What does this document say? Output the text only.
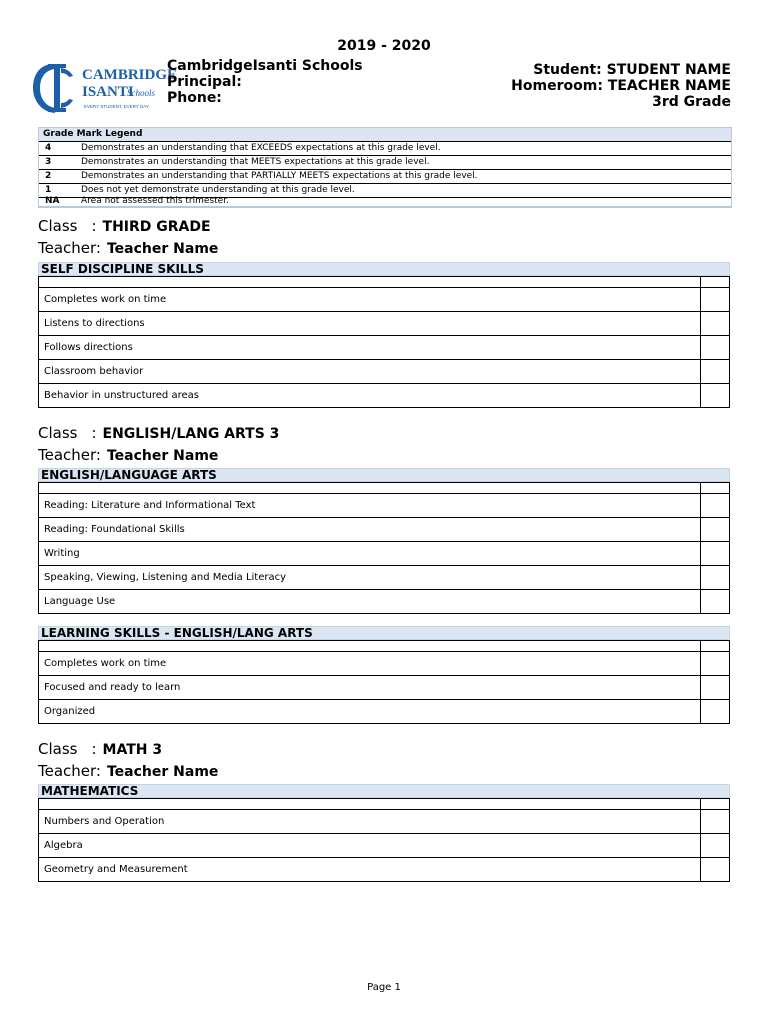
2019 - 2020
CAMBRIDGE
ISANTI
Schools
EVERY STUDENT, EVERY DAY
CambridgeIsanti Schools
Principal:
Phone:
Student: STUDENT NAME
Homeroom: TEACHER NAME
3rd Grade
Grade Mark Legend
4	Demonstrates an understanding that EXCEEDS expectations at this grade level.
3	Demonstrates an understanding that MEETS expectations at this grade level.
2	Demonstrates an understanding that PARTIALLY MEETS expectations at this grade level.
1	Does not yet demonstrate understanding at this grade level.
NA	Area not assessed this trimester.
Class : THIRD GRADE
Teacher: Teacher Name
SELF DISCIPLINE SKILLS

Completes work on time	
Listens to directions	
Follows directions	
Classroom behavior	
Behavior in unstructured areas	
Class : ENGLISH/LANG ARTS 3
Teacher: Teacher Name
ENGLISH/LANGUAGE ARTS

Reading: Literature and Informational Text	
Reading: Foundational Skills	
Writing	
Speaking, Viewing, Listening and Media Literacy	
Language Use	
LEARNING SKILLS - ENGLISH/LANG ARTS

Completes work on time	
Focused and ready to learn	
Organized	
Class : MATH 3
Teacher: Teacher Name
MATHEMATICS

Numbers and Operation	
Algebra	
Geometry and Measurement	
Page 1
